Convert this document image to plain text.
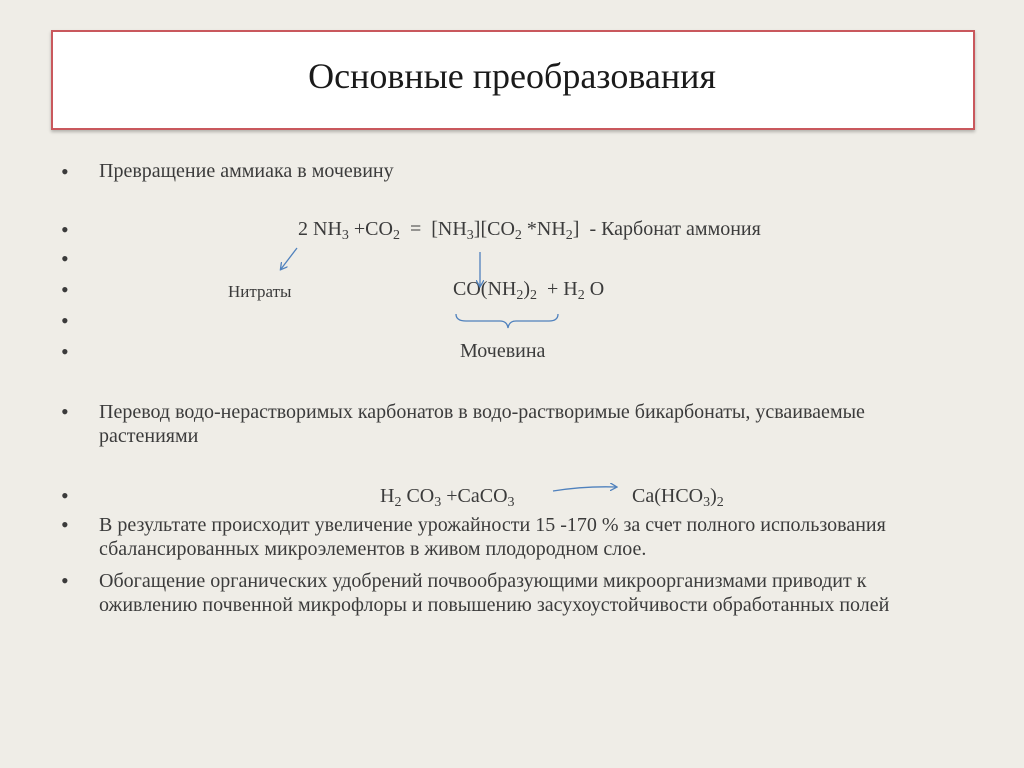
Основные преобразования
•
•
•
•
•
•
•
•
•
•
Превращение аммиака в мочевину
2 $NH_3 +CO_2 = [NH_3][CO_2$ $*NH_2$]  - Карбонат аммония
Нитраты	$CO(NH_2)_2 + H_2$ O
Мочевина
Перевод водо-нерастворимых карбонатов в водо-растворимые бикарбонаты, усваиваемые растениями
$H_2$ $CO_3$ +CaCO$_3$	$Ca(HCO_3)_2$
В результате происходит увеличение урожайности 15 -170 % за счет полного использования сбалансированных микроэлементов в живом плодородном слое.
Обогащение органических удобрений почвообразующими микроорганизмами приводит к оживлению почвенной микрофлоры и повышению засухоустойчивости обработанных полей
